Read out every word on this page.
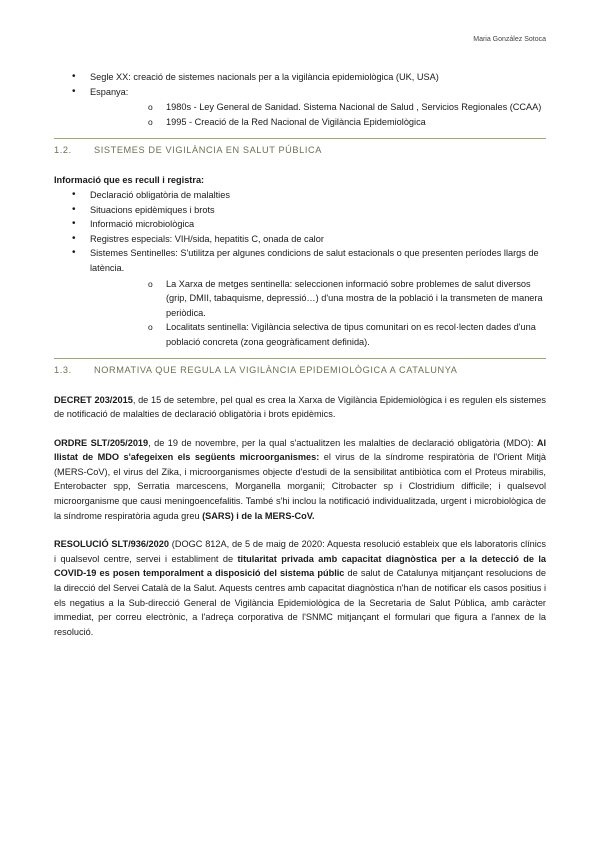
Maria González Sotoca
• Segle XX: creació de sistemes nacionals per a la vigilància epidemiològica (UK, USA)
• Espanya:
o 1980s - Ley General de Sanidad. Sistema Nacional de Salud , Servicios Regionales (CCAA)
o 1995 - Creació de la Red Nacional de Vigilància Epidemiològica
1.2. SISTEMES DE VIGILÀNCIA EN SALUT PÚBLICA
Informació que es recull i registra:
• Declaració obligatòria de malalties
• Situacions epidèmiques i brots
• Informació microbiològica
• Registres especials: VIH/sida, hepatitis C, onada de calor
• Sistemes Sentinelles: S'utilitza per algunes condicions de salut estacionals o que presenten períodes llargs de latència.
o La Xarxa de metges sentinella: seleccionen informació sobre problemes de salut diversos (grip, DMII, tabaquisme, depressió…) d'una mostra de la població i la transmeten de manera periòdica.
o Localitats sentinella: Vigilància selectiva de tipus comunitari on es recol·lecten dades d'una població concreta (zona geogràficament definida).
1.3. NORMATIVA QUE REGULA LA VIGILÀNCIA EPIDEMIOLÒGICA A CATALUNYA

DECRET 203/2015, de 15 de setembre, pel qual es crea la Xarxa de Vigilància Epidemiològica i es regulen els sistemes de notificació de malalties de declaració obligatòria i brots epidèmics.

ORDRE SLT/205/2019, de 19 de novembre, per la qual s'actualitzen les malalties de declaració obligatòria (MDO): Al llistat de MDO s'afegeixen els següents microorganismes: el virus de la síndrome respiratòria de l'Orient Mitjà (MERS-CoV), el virus del Zika, i microorganismes objecte d'estudi de la sensibilitat antibiòtica com el Proteus mirabilis, Enterobacter spp, Serratia marcescens, Morganella morganii; Citrobacter sp i Clostridium difficile; i qualsevol microorganisme que causi meningoencefalitis. També s'hi inclou la notificació individualitzada, urgent i microbiològica de la síndrome respiratòria aguda greu (SARS) i de la MERS-CoV.

RESOLUCIÓ SLT/936/2020 (DOGC 812A, de 5 de maig de 2020: Aquesta resolució estableix que els laboratoris clínics i qualsevol centre, servei i establiment de titularitat privada amb capacitat diagnòstica per a la detecció de la COVID-19 es posen temporalment a disposició del sistema públic de salut de Catalunya mitjançant resolucions de la direcció del Servei Català de la Salut. Aquests centres amb capacitat diagnòstica n'han de notificar els casos positius i els negatius a la Sub-direcció General de Vigilància Epidemiològica de la Secretaria de Salut Pública, amb caràcter immediat, per correu electrònic, a l'adreça corporativa de l'SNMC mitjançant el formulari que figura a l'annex de la resolució.
